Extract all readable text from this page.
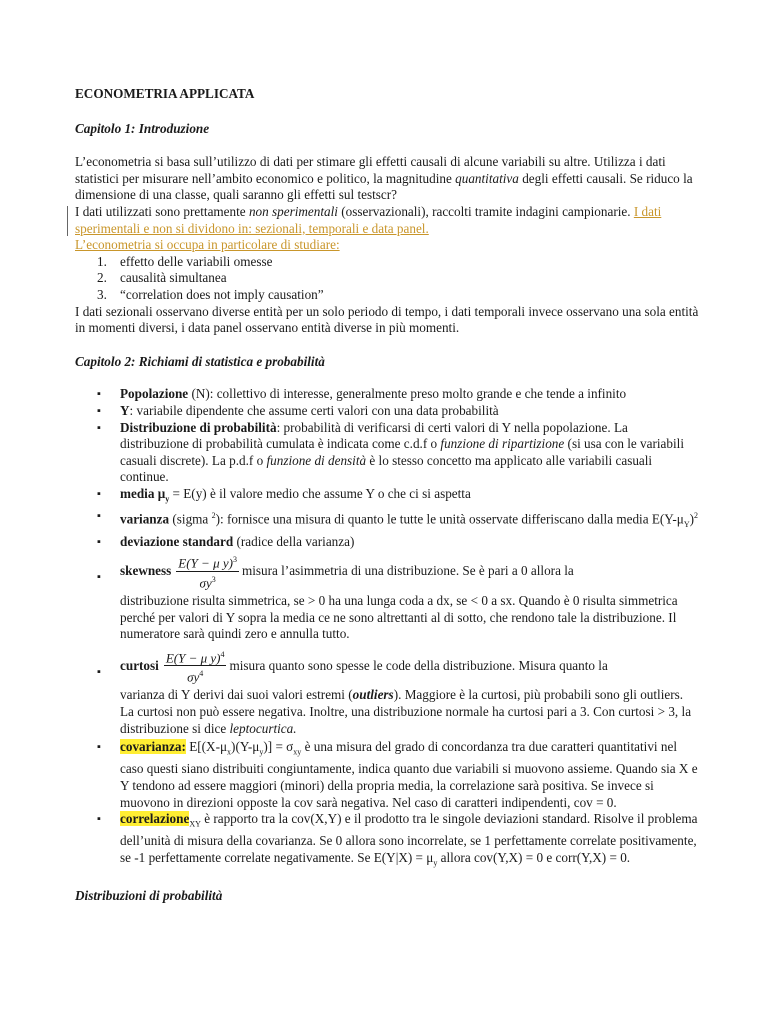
ECONOMETRIA APPLICATA

Capitolo 1: Introduzione

L’econometria si basa sull’utilizzo di dati per stimare gli effetti causali di alcune variabili su altre. Utilizza i dati statistici per misurare nell’ambito economico e politico, la magnitudine quantitativa degli effetti causali. Se riduco la dimensione di una classe, quali saranno gli effetti sul testscr?

I dati utilizzati sono prettamente non sperimentali (osservazionali), raccolti tramite indagini campionarie. I dati sperimentali e non si dividono in: sezionali, temporali e data panel.

L’econometria si occupa in particolare di studiare:

1. effetto delle variabili omesse
2. causalità simultanea
3. “correlation does not imply causation”

I dati sezionali osservano diverse entità per un solo periodo di tempo, i dati temporali invece osservano una sola entità in momenti diversi, i data panel osservano entità diverse in più momenti.

Capitolo 2: Richiami di statistica e probabilità

▪ Popolazione (N): collettivo di interesse, generalmente preso molto grande e che tende a infinito
▪ Y: variabile dipendente che assume certi valori con una data probabilità
▪ Distribuzione di probabilità: probabilità di verificarsi di certi valori di Y nella popolazione. La distribuzione di probabilità cumulata è indicata come c.d.f o funzione di ripartizione (si usa con le variabili casuali discrete). La p.d.f o funzione di densità è lo stesso concetto ma applicato alle variabili casuali continue.
▪ media $\mu_y = E(y)$ è il valore medio che assume Y o che ci si aspetta
▪ varianza (sigma $^2$): fornisce una misura di quanto le tutte le unità osservate differiscano dalla media $E(Y-\mu_Y)^2$
▪ deviazione standard (radice della varianza)
▪ skewness $\frac{E(Y - \mu y)^3}{\sigma y^3}$ misura l’asimmetria di una distribuzione. Se è pari a 0 allora la

distribuzione risulta simmetrica, se > 0 ha una lunga coda a dx, se < 0 a sx. Quando è 0 risulta simmetrica perché per valori di Y sopra la media ce ne sono altrettanti al di sotto, che rendono tale la distribuzione. Il numeratore sarà quindi zero e annulla tutto.

▪ curtosi $\frac{E(Y - \mu y)^4}{\sigma y^4}$ misura quanto sono spesse le code della distribuzione. Misura quanto la

varianza di Y derivi dai suoi valori estremi (outliers). Maggiore è la curtosi, più probabili sono gli outliers. La curtosi non può essere negativa. Inoltre, una distribuzione normale ha curtosi pari a 3. Con curtosi > 3, la distribuzione si dice leptocurtica.

▪ covarianza: $E[(X-\mu_x)(Y-\mu_y)] = \sigma_{xy}$ è una misura del grado di concordanza tra due caratteri quantitativi nel caso questi siano distribuiti congiuntamente, indica quanto due variabili si muovono assieme. Quando sia X e Y tendono ad essere maggiori (minori) della propria media, la correlazione sarà positiva. Se invece si muovono in direzioni opposte la cov sarà negativa. Nel caso di caratteri indipendenti, cov = 0.
▪ correlazione$_{XY}$ è rapporto tra la cov(X,Y) e il prodotto tra le singole deviazioni standard. Risolve il problema dell’unità di misura della covarianza. Se 0 allora sono incorrelate, se 1 perfettamente correlate positivamente, se -1 perfettamente correlate negativamente. Se $E(Y|X) = \mu_y$ allora cov(Y,X) = 0 e corr(Y,X) = 0.

Distribuzioni di probabilità
